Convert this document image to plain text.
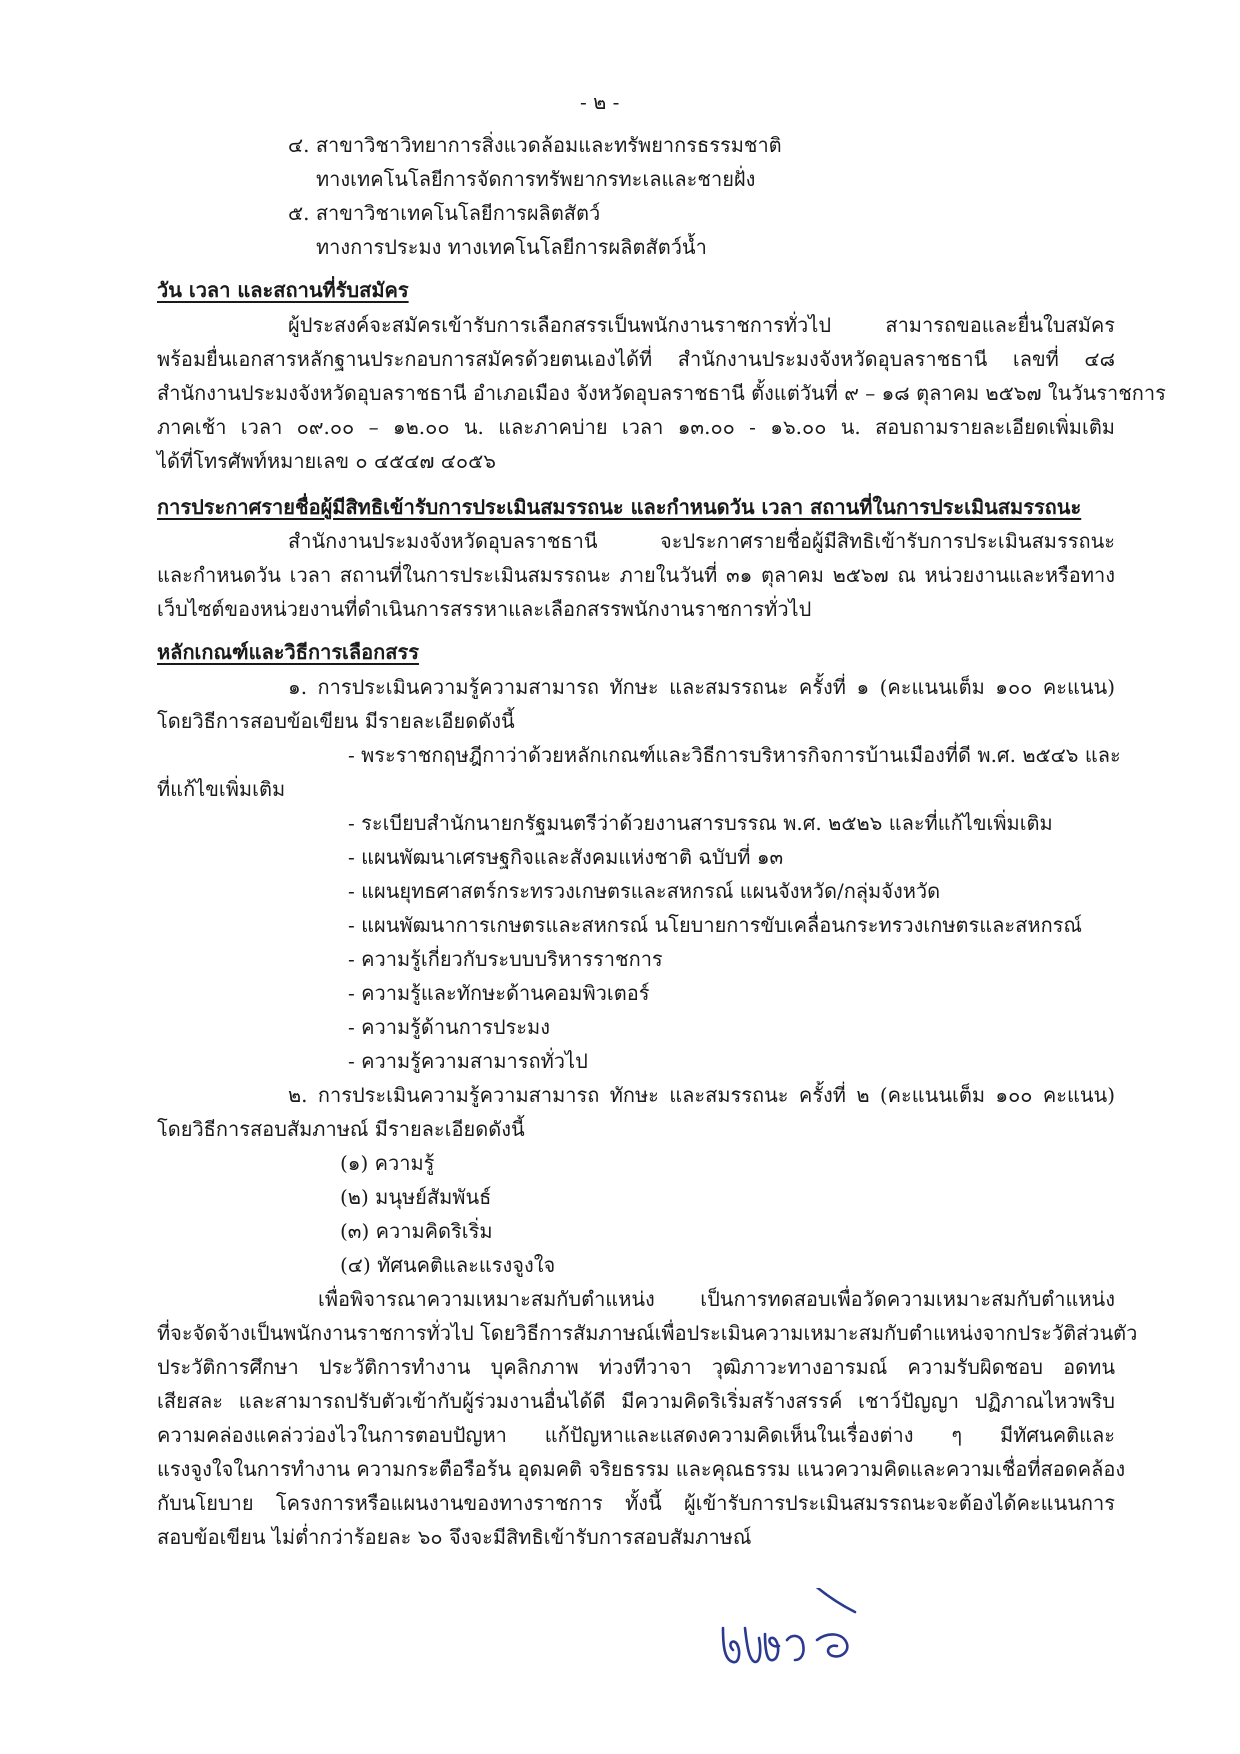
- ๒ -
๔. สาขาวิชาวิทยาการสิ่งแวดล้อมและทรัพยากรธรรมชาติ
ทางเทคโนโลยีการจัดการทรัพยากรทะเลและชายฝั่ง
๕. สาขาวิชาเทคโนโลยีการผลิตสัตว์
ทางการประมง ทางเทคโนโลยีการผลิตสัตว์น้ำ
วัน เวลา และสถานที่รับสมัคร
ผู้ประสงค์จะสมัครเข้ารับการเลือกสรรเป็นพนักงานราชการทั่วไป สามารถขอและยื่นใบสมัคร
พร้อมยื่นเอกสารหลักฐานประกอบการสมัครด้วยตนเองได้ที่ สำนักงานประมงจังหวัดอุบลราชธานี เลขที่ ๔๘
สำนักงานประมงจังหวัดอุบลราชธานี อำเภอเมือง จังหวัดอุบลราชธานี ตั้งแต่วันที่ ๙ – ๑๘ ตุลาคม ๒๕๖๗ ในวันราชการ
ภาคเช้า เวลา ๐๙.๐๐ – ๑๒.๐๐ น. และภาคบ่าย เวลา ๑๓.๐๐ - ๑๖.๐๐ น. สอบถามรายละเอียดเพิ่มเติม
ได้ที่โทรศัพท์หมายเลข ๐ ๔๕๔๗ ๔๐๕๖
การประกาศรายชื่อผู้มีสิทธิเข้ารับการประเมินสมรรถนะ และกำหนดวัน เวลา สถานที่ในการประเมินสมรรถนะ
สำนักงานประมงจังหวัดอุบลราชธานี จะประกาศรายชื่อผู้มีสิทธิเข้ารับการประเมินสมรรถนะ
และกำหนดวัน เวลา สถานที่ในการประเมินสมรรถนะ ภายในวันที่ ๓๑ ตุลาคม ๒๕๖๗ ณ หน่วยงานและหรือทาง
เว็บไซต์ของหน่วยงานที่ดำเนินการสรรหาและเลือกสรรพนักงานราชการทั่วไป
หลักเกณฑ์และวิธีการเลือกสรร
๑. การประเมินความรู้ความสามารถ ทักษะ และสมรรถนะ ครั้งที่ ๑ (คะแนนเต็ม ๑๐๐ คะแนน)
โดยวิธีการสอบข้อเขียน มีรายละเอียดดังนี้
- พระราชกฤษฎีกาว่าด้วยหลักเกณฑ์และวิธีการบริหารกิจการบ้านเมืองที่ดี พ.ศ. ๒๕๔๖ และ
ที่แก้ไขเพิ่มเติม
- ระเบียบสำนักนายกรัฐมนตรีว่าด้วยงานสารบรรณ พ.ศ. ๒๕๒๖ และที่แก้ไขเพิ่มเติม
- แผนพัฒนาเศรษฐกิจและสังคมแห่งชาติ ฉบับที่ ๑๓
- แผนยุทธศาสตร์กระทรวงเกษตรและสหกรณ์ แผนจังหวัด/กลุ่มจังหวัด
- แผนพัฒนาการเกษตรและสหกรณ์ นโยบายการขับเคลื่อนกระทรวงเกษตรและสหกรณ์
- ความรู้เกี่ยวกับระบบบริหารราชการ
- ความรู้และทักษะด้านคอมพิวเตอร์
- ความรู้ด้านการประมง
- ความรู้ความสามารถทั่วไป
๒. การประเมินความรู้ความสามารถ ทักษะ และสมรรถนะ ครั้งที่ ๒ (คะแนนเต็ม ๑๐๐ คะแนน)
โดยวิธีการสอบสัมภาษณ์ มีรายละเอียดดังนี้
(๑) ความรู้
(๒) มนุษย์สัมพันธ์
(๓) ความคิดริเริ่ม
(๔) ทัศนคติและแรงจูงใจ
เพื่อพิจารณาความเหมาะสมกับตำแหน่ง เป็นการทดสอบเพื่อวัดความเหมาะสมกับตำแหน่ง
ที่จะจัดจ้างเป็นพนักงานราชการทั่วไป โดยวิธีการสัมภาษณ์เพื่อประเมินความเหมาะสมกับตำแหน่งจากประวัติส่วนตัว
ประวัติการศึกษา ประวัติการทำงาน บุคลิกภาพ ท่วงทีวาจา วุฒิภาวะทางอารมณ์ ความรับผิดชอบ อดทน
เสียสละ และสามารถปรับตัวเข้ากับผู้ร่วมงานอื่นได้ดี มีความคิดริเริ่มสร้างสรรค์ เชาว์ปัญญา ปฏิภาณไหวพริบ
ความคล่องแคล่วว่องไวในการตอบปัญหา แก้ปัญหาและแสดงความคิดเห็นในเรื่องต่าง ๆ มีทัศนคติและ
แรงจูงใจในการทำงาน ความกระตือรือร้น อุดมคติ จริยธรรม และคุณธรรม แนวความคิดและความเชื่อที่สอดคล้อง
กับนโยบาย โครงการหรือแผนงานของทางราชการ ทั้งนี้ ผู้เข้ารับการประเมินสมรรถนะจะต้องได้คะแนนการ
สอบข้อเขียน ไม่ต่ำกว่าร้อยละ ๖๐ จึงจะมีสิทธิเข้ารับการสอบสัมภาษณ์
